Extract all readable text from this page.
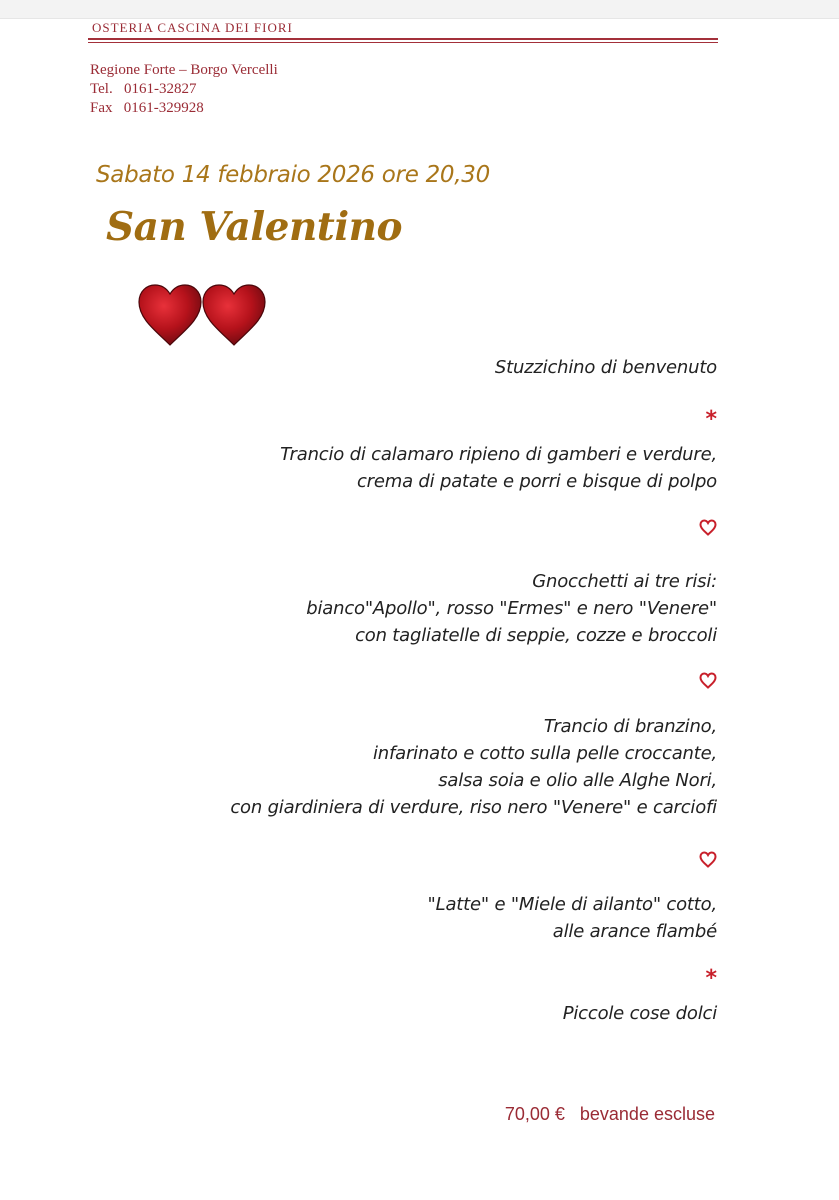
OSTERIA CASCINA DEI FIORI

Regione Forte – Borgo Vercelli
Tel. 0161-32827
Fax 0161-329928

Sabato 14 febbraio 2026 ore 20,30

San Valentino

Stuzzichino di benvenuto

*

Trancio di calamaro ripieno di gamberi e verdure,

crema di patate e porri e bisque di polpo

Gnocchetti ai tre risi:

bianco"Apollo", rosso "Ermes" e nero "Venere"

con tagliatelle di seppie, cozze e broccoli

Trancio di branzino,

infarinato e cotto sulla pelle croccante,

salsa soia e olio alle Alghe Nori,

con giardiniera di verdure, riso nero "Venere" e carciofi

"Latte" e "Miele di ailanto" cotto,

alle arance flambé

*

Piccole cose dolci

70,00 € bevande escluse
